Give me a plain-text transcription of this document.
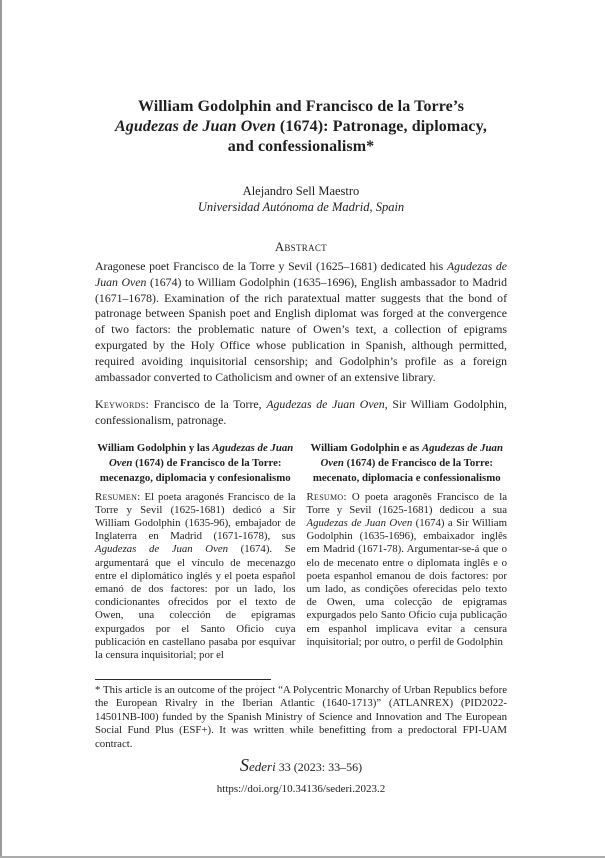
William Godolphin and Francisco de la Torre’s
Agudezas de Juan Oven (1674): Patronage, diplomacy,
and confessionalism*
Alejandro Sell Maestro
Universidad Autónoma de Madrid, Spain
Abstract

Aragonese poet Francisco de la Torre y Sevil (1625–1681) dedicated his Agudezas de Juan Oven (1674) to William Godolphin (1635–1696), English ambassador to Madrid (1671–1678). Examination of the rich paratextual matter suggests that the bond of patronage between Spanish poet and English diplomat was forged at the convergence of two factors: the problematic nature of Owen’s text, a collection of epigrams expurgated by the Holy Office whose publication in Spanish, although permitted, required avoiding inquisitorial censorship; and Godolphin’s profile as a foreign ambassador converted to Catholicism and owner of an extensive library.

Keywords: Francisco de la Torre, Agudezas de Juan Oven, Sir William Godolphin, confessionalism, patronage.

William Godolphin y las Agudezas de Juan Oven (1674) de Francisco de la Torre: mecenazgo, diplomacia y confesionalismo

Resumen: El poeta aragonés Francisco de la Torre y Sevil (1625-1681) dedicó a Sir William Godolphin (1635-96), embajador de Inglaterra en Madrid (1671-1678), sus Agudezas de Juan Oven (1674). Se argumentará que el vínculo de mecenazgo entre el diplomático inglés y el poeta español emanó de dos factores: por un lado, los condicionantes ofrecidos por el texto de Owen, una colección de epigramas expurgados por el Santo Oficio cuya publicación en castellano pasaba por esquivar la censura inquisitorial; por el

William Godolphin e as Agudezas de Juan Oven (1674) de Francisco de la Torre: mecenato, diplomacia e confessionalismo

Resumo: O poeta aragonês Francisco de la Torre y Sevil (1625-1681) dedicou a sua Agudezas de Juan Oven (1674) a Sir William Godolphin (1635-1696), embaixador inglês em Madrid (1671-78). Argumentar-se-á que o elo de mecenato entre o diplomata inglês e o poeta espanhol emanou de dois factores: por um lado, as condições oferecidas pelo texto de Owen, uma colecção de epigramas expurgados pelo Santo Oficio cuja publicação em espanhol implicava evitar a censura inquisitorial; por outro, o perfil de Godolphin

* This article is an outcome of the project “A Polycentric Monarchy of Urban Republics before the European Rivalry in the Iberian Atlantic (1640-1713)” (ATLANREX) (PID2022-14501NB-I00) funded by the Spanish Ministry of Science and Innovation and The European Social Fund Plus (ESF+). It was written while benefitting from a predoctoral FPI-UAM contract.
Sederi 33 (2023: 33–56)
https://doi.org/10.34136/sederi.2023.2
